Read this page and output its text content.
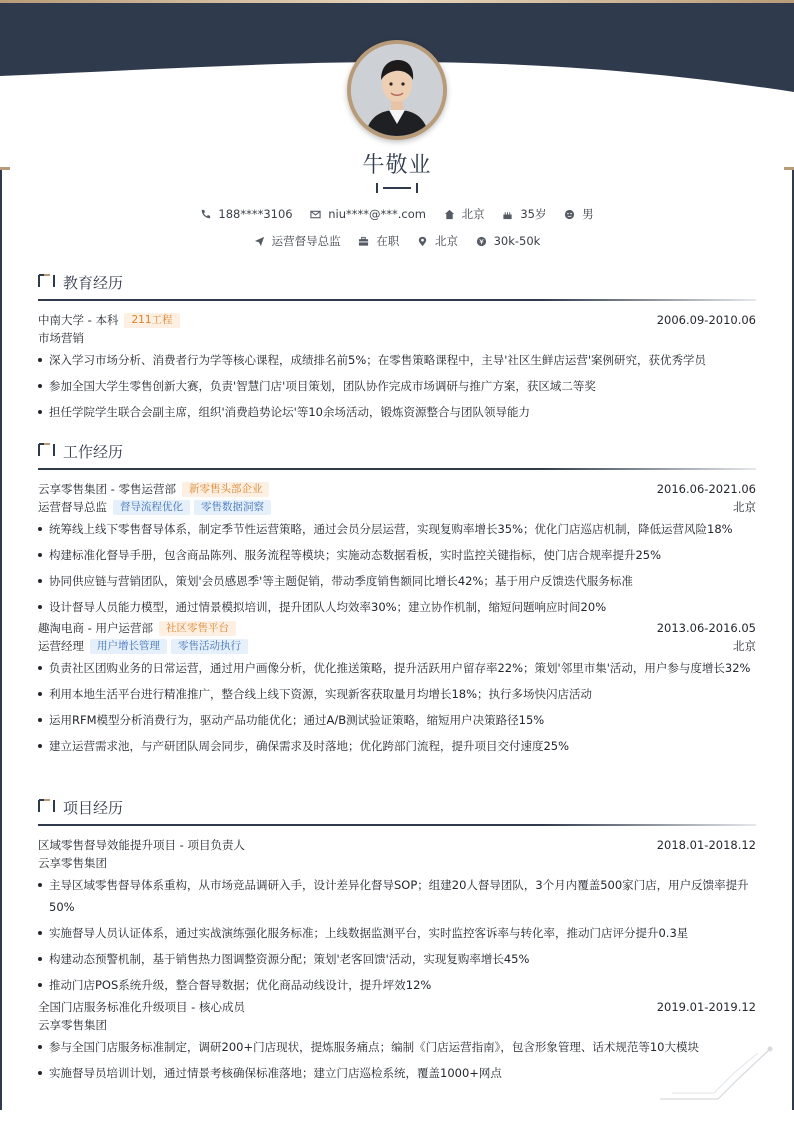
牛敬业
188****3106
	niu****@***.com
	北京
	35岁
	男
运营督导总监
	在职
	北京
	30k-50k
教育经历
中南大学 - 本科 211工程	2006.09-2010.06
市场营销
深入学习市场分析、消费者行为学等核心课程，成绩排名前5%；在零售策略课程中，主导'社区生鲜店运营'案例研究，获优秀学员
参加全国大学生零售创新大赛，负责'智慧门店'项目策划，团队协作完成市场调研与推广方案，获区域二等奖
担任学院学生联合会副主席，组织'消费趋势论坛'等10余场活动，锻炼资源整合与团队领导能力
工作经历
云享零售集团 - 零售运营部 新零售头部企业	2016.06-2021.06
运营督导总监 督导流程优化 零售数据洞察	北京
统筹线上线下零售督导体系，制定季节性运营策略，通过会员分层运营，实现复购率增长35%；优化门店巡店机制，降低运营风险18%
构建标准化督导手册，包含商品陈列、服务流程等模块；实施动态数据看板，实时监控关键指标，使门店合规率提升25%
协同供应链与营销团队，策划'会员感恩季'等主题促销，带动季度销售额同比增长42%；基于用户反馈迭代服务标准
设计督导人员能力模型，通过情景模拟培训，提升团队人均效率30%；建立协作机制，缩短问题响应时间20%
趣淘电商 - 用户运营部 社区零售平台	2013.06-2016.05
运营经理 用户增长管理 零售活动执行	北京
负责社区团购业务的日常运营，通过用户画像分析，优化推送策略，提升活跃用户留存率22%；策划'邻里市集'活动，用户参与度增长32%
利用本地生活平台进行精准推广，整合线上线下资源，实现新客获取量月均增长18%；执行多场快闪店活动
运用RFM模型分析消费行为，驱动产品功能优化；通过A/B测试验证策略，缩短用户决策路径15%
建立运营需求池，与产研团队周会同步，确保需求及时落地；优化跨部门流程，提升项目交付速度25%
项目经历
区域零售督导效能提升项目 - 项目负责人	2018.01-2018.12
云享零售集团
主导区域零售督导体系重构，从市场竞品调研入手，设计差异化督导SOP；组建20人督导团队，3个月内覆盖500家门店，用户反馈率提升50%
实施督导人员认证体系，通过实战演练强化服务标准；上线数据监测平台，实时监控客诉率与转化率，推动门店评分提升0.3星
构建动态预警机制，基于销售热力图调整资源分配；策划'老客回馈'活动，实现复购率增长45%
推动门店POS系统升级，整合督导数据；优化商品动线设计，提升坪效12%
全国门店服务标准化升级项目 - 核心成员	2019.01-2019.12
云享零售集团
参与全国门店服务标准制定，调研200+门店现状，提炼服务痛点；编制《门店运营指南》，包含形象管理、话术规范等10大模块
实施督导员培训计划，通过情景考核确保标准落地；建立门店巡检系统，覆盖1000+网点
